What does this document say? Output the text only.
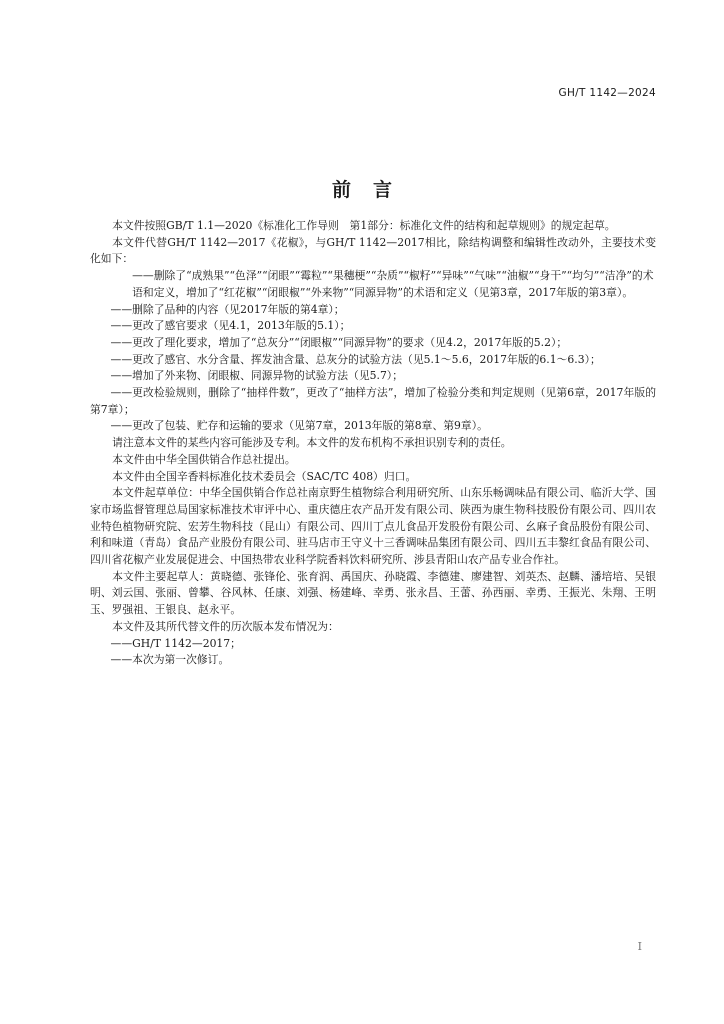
GH/T 1142—2024
前言

本文件按照GB/T 1.1—2020《标准化工作导则　第1部分：标准化文件的结构和起草规则》的规定起草。

本文件代替GH/T 1142—2017《花椒》，与GH/T 1142—2017相比，除结构调整和编辑性改动外，主要技术变化如下：

——删除了“成熟果”“色泽”“闭眼”“霉粒”“果穗梗”“杂质”“椒籽”“异味”“气味”“油椒”“身干”“均匀”“洁净”的术语和定义，增加了“红花椒”“闭眼椒”“外来物”“同源异物”的术语和定义（见第3章，2017年版的第3章）。

——删除了品种的内容（见2017年版的第4章）；

——更改了感官要求（见4.1，2013年版的5.1）；

——更改了理化要求，增加了“总灰分”“闭眼椒”“同源异物”的要求（见4.2，2017年版的5.2）；

——更改了感官、水分含量、挥发油含量、总灰分的试验方法（见5.1～5.6，2017年版的6.1～6.3）；

——增加了外来物、闭眼椒、同源异物的试验方法（见5.7）；

——更改检验规则，删除了“抽样件数”，更改了“抽样方法”，增加了检验分类和判定规则（见第6章，2017年版的第7章）；

——更改了包装、贮存和运输的要求（见第7章，2013年版的第8章、第9章）。

请注意本文件的某些内容可能涉及专利。本文件的发布机构不承担识别专利的责任。

本文件由中华全国供销合作总社提出。

本文件由全国辛香料标准化技术委员会（SAC/TC 408）归口。

本文件起草单位：中华全国供销合作总社南京野生植物综合利用研究所、山东乐畅调味品有限公司、临沂大学、国家市场监督管理总局国家标准技术审评中心、重庆德庄农产品开发有限公司、陕西为康生物科技股份有限公司、四川农业特色植物研究院、宏芳生物科技（昆山）有限公司、四川丁点儿食品开发股份有限公司、幺麻子食品股份有限公司、利和味道（青岛）食品产业股份有限公司、驻马店市王守义十三香调味品集团有限公司、四川五丰黎红食品有限公司、四川省花椒产业发展促进会、中国热带农业科学院香料饮料研究所、涉县青阳山农产品专业合作社。

本文件主要起草人：黄晓德、张锋伦、张育润、禹国庆、孙晓霞、李德建、廖建智、刘英杰、赵麟、潘培培、吴银明、刘云国、张丽、曾攀、谷风林、任康、刘强、杨建峰、幸勇、张永昌、王蕾、孙西丽、幸勇、王振光、朱翔、王明玉、罗强祖、王银良、赵永平。

本文件及其所代替文件的历次版本发布情况为：

——GH/T 1142—2017；

——本次为第一次修订。

I
